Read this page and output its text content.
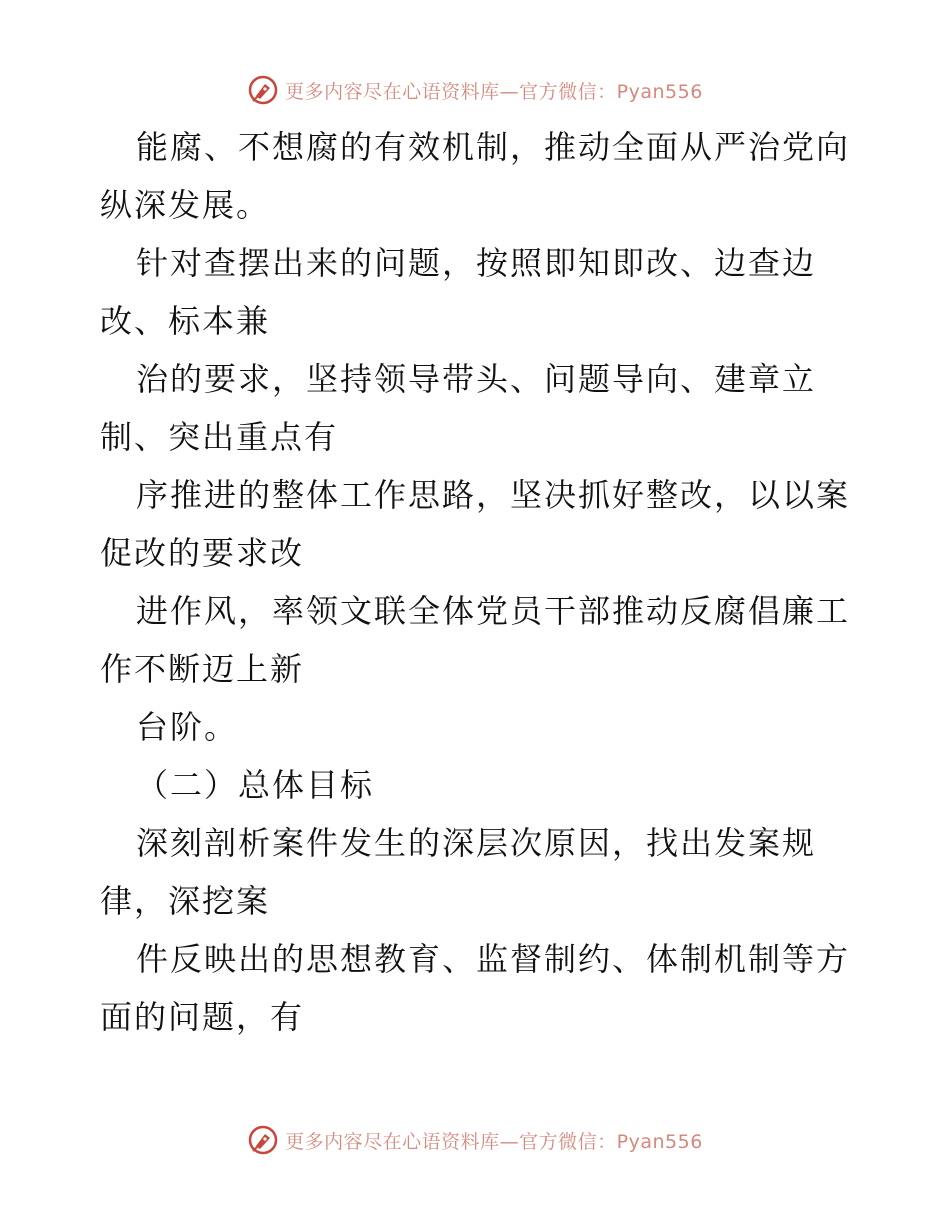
更多内容尽在心语资料库—官方微信：Pyan556
能腐、不想腐的有效机制，推动全面从严治党向
纵深发展。
针对查摆出来的问题，按照即知即改、边查边
改、标本兼
治的要求，坚持领导带头、问题导向、建章立
制、突出重点有
序推进的整体工作思路，坚决抓好整改，以以案
促改的要求改
进作风，率领文联全体党员干部推动反腐倡廉工
作不断迈上新
台阶。
（二）总体目标
深刻剖析案件发生的深层次原因，找出发案规
律，深挖案
件反映出的思想教育、监督制约、体制机制等方
面的问题，有
更多内容尽在心语资料库—官方微信：Pyan556
